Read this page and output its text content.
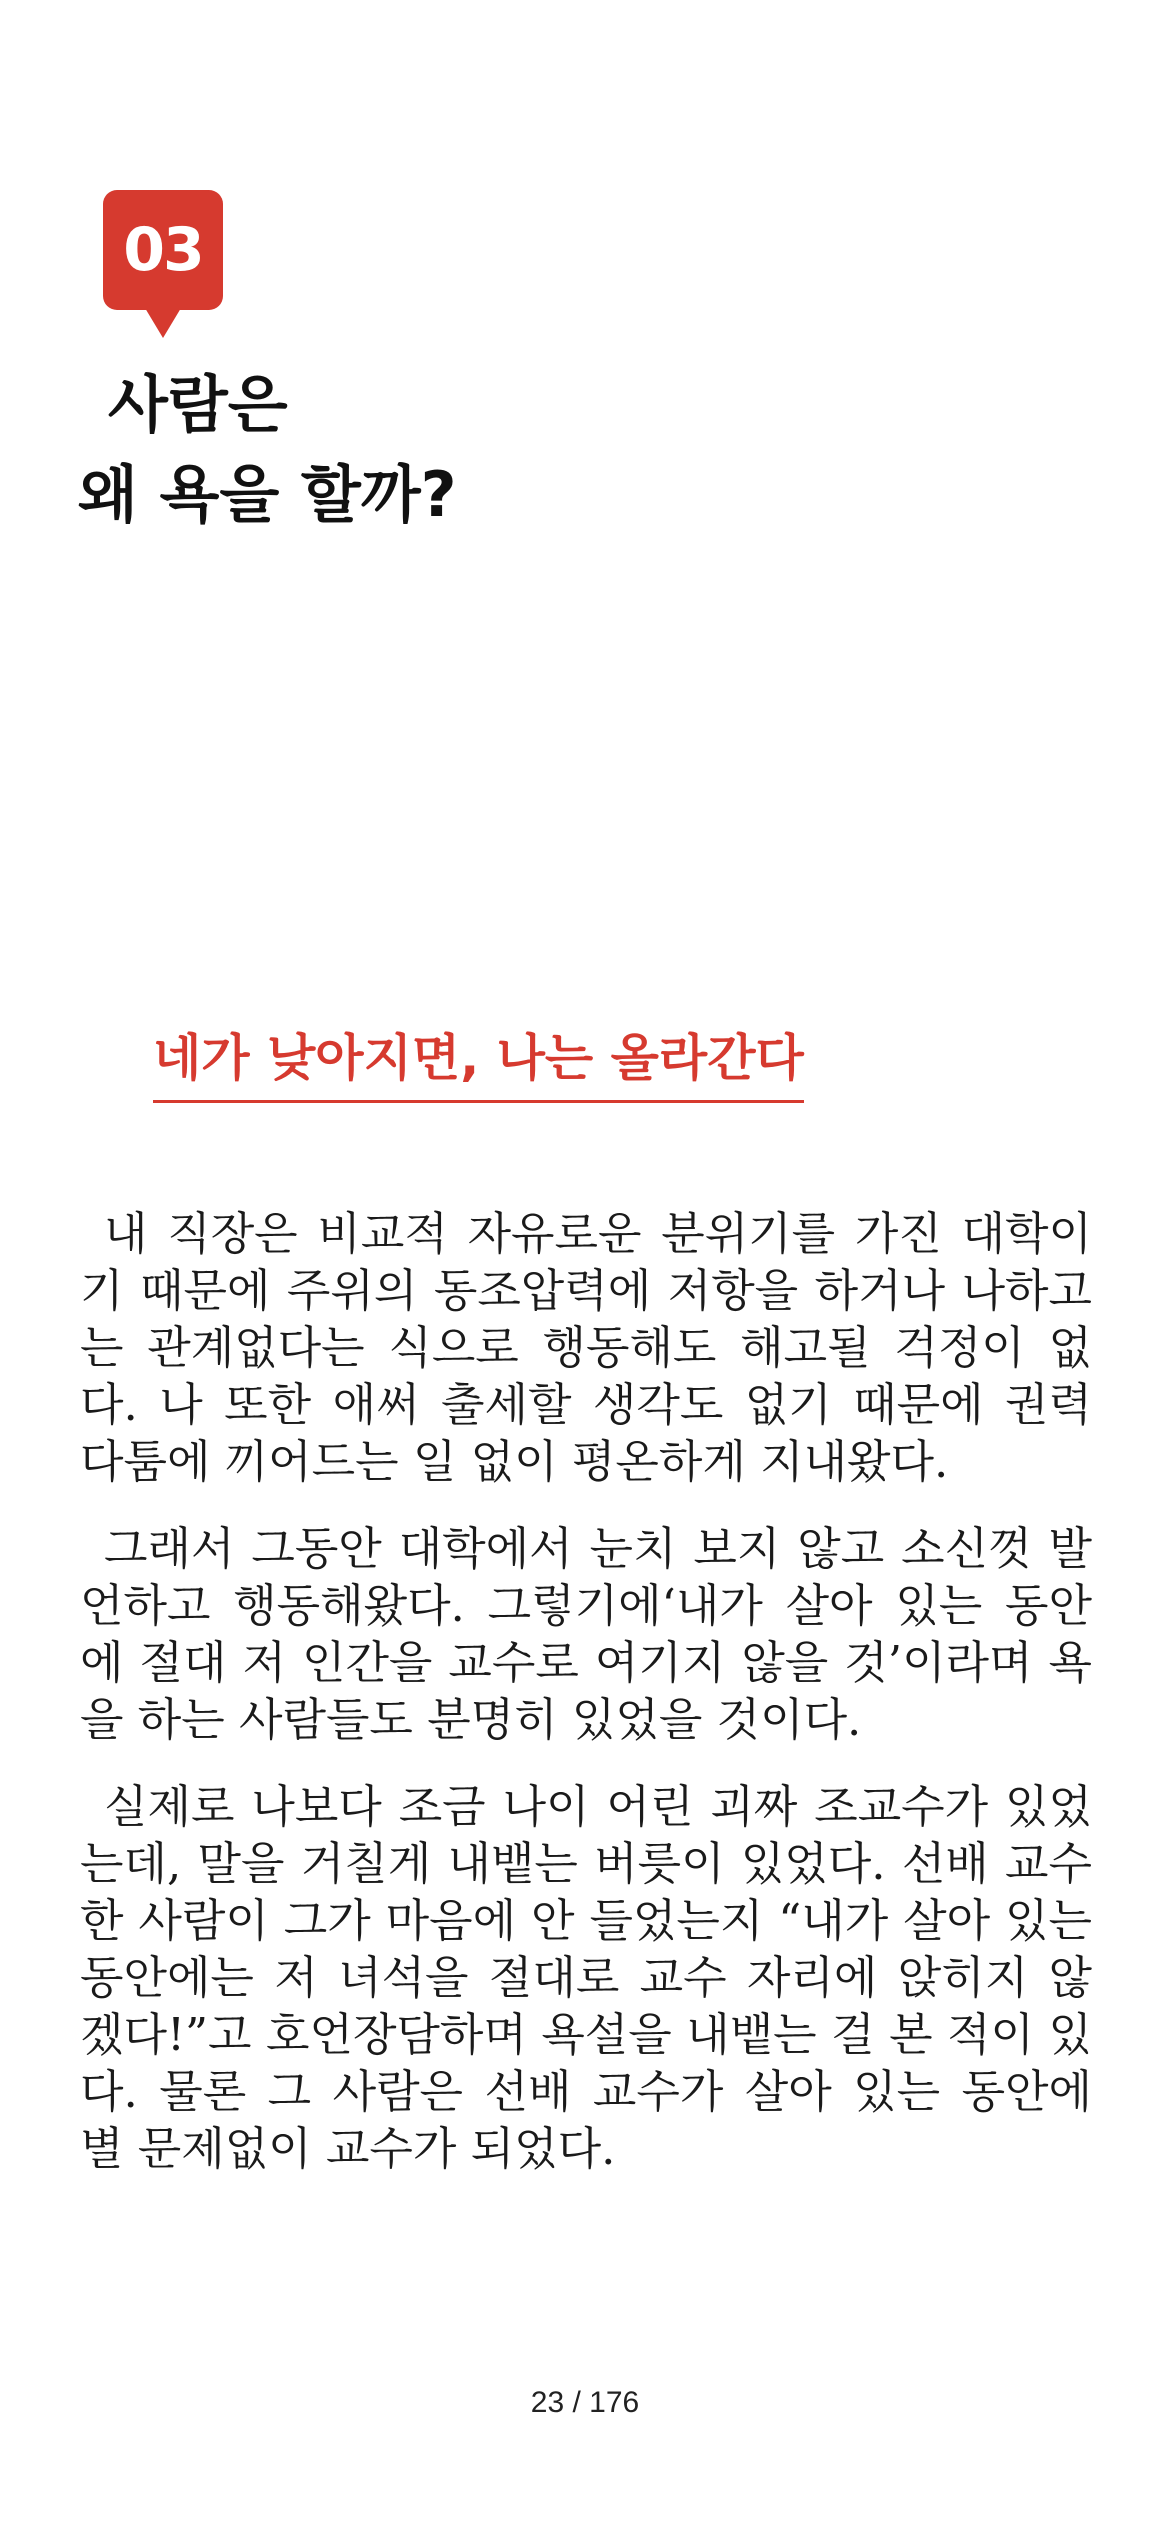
03
사람은
왜 욕을 할까?
네가 낮아지면, 나는 올라간다

내 직장은 비교적 자유로운 분위기를 가진 대학이기 때문에 주위의 동조압력에 저항을 하거나 나하고는 관계없다는 식으로 행동해도 해고될 걱정이 없다. 나 또한 애써 출세할 생각도 없기 때문에 권력 다툼에 끼어드는 일 없이 평온하게 지내왔다.

그래서 그동안 대학에서 눈치 보지 않고 소신껏 발언하고 행동해왔다. 그렇기에‘내가 살아 있는 동안에 절대 저 인간을 교수로 여기지 않을 것’이라며 욕을 하는 사람들도 분명히 있었을 것이다.

실제로 나보다 조금 나이 어린 괴짜 조교수가 있었는데, 말을 거칠게 내뱉는 버릇이 있었다. 선배 교수 한 사람이 그가 마음에 안 들었는지 “내가 살아 있는 동안에는 저 녀석을 절대로 교수 자리에 앉히지 않겠다!”고 호언장담하며 욕설을 내뱉는 걸 본 적이 있다. 물론 그 사람은 선배 교수가 살아 있는 동안에 별 문제없이 교수가 되었다.

23 / 176
